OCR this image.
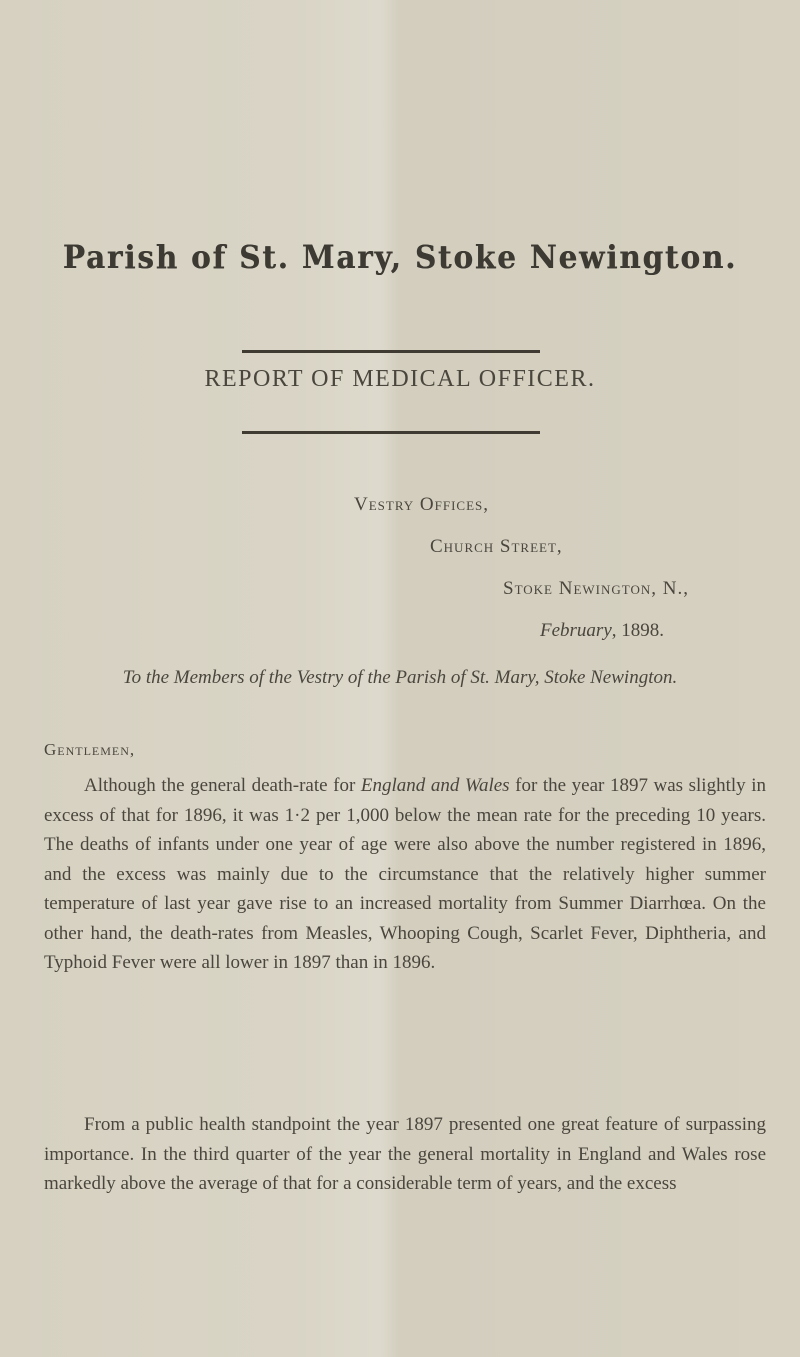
Parish of St. Mary, Stoke Newington.
REPORT OF MEDICAL OFFICER.
Vestry Offices,
Church Street,
Stoke Newington, N.,
February, 1898.
To the Members of the Vestry of the Parish of St. Mary, Stoke Newington.
Gentlemen,

Although the general death-rate for England and Wales for the year 1897 was slightly in excess of that for 1896, it was 1·2 per 1,000 below the mean rate for the preceding 10 years. The deaths of infants under one year of age were also above the number registered in 1896, and the excess was mainly due to the circumstance that the relatively higher summer temperature of last year gave rise to an increased mortality from Summer Diarrhœa. On the other hand, the death-rates from Measles, Whooping Cough, Scarlet Fever, Diphtheria, and Typhoid Fever were all lower in 1897 than in 1896.

From a public health standpoint the year 1897 presented one great feature of surpassing importance. In the third quarter of the year the general mortality in England and Wales rose markedly above the average of that for a considerable term of years, and the excess
